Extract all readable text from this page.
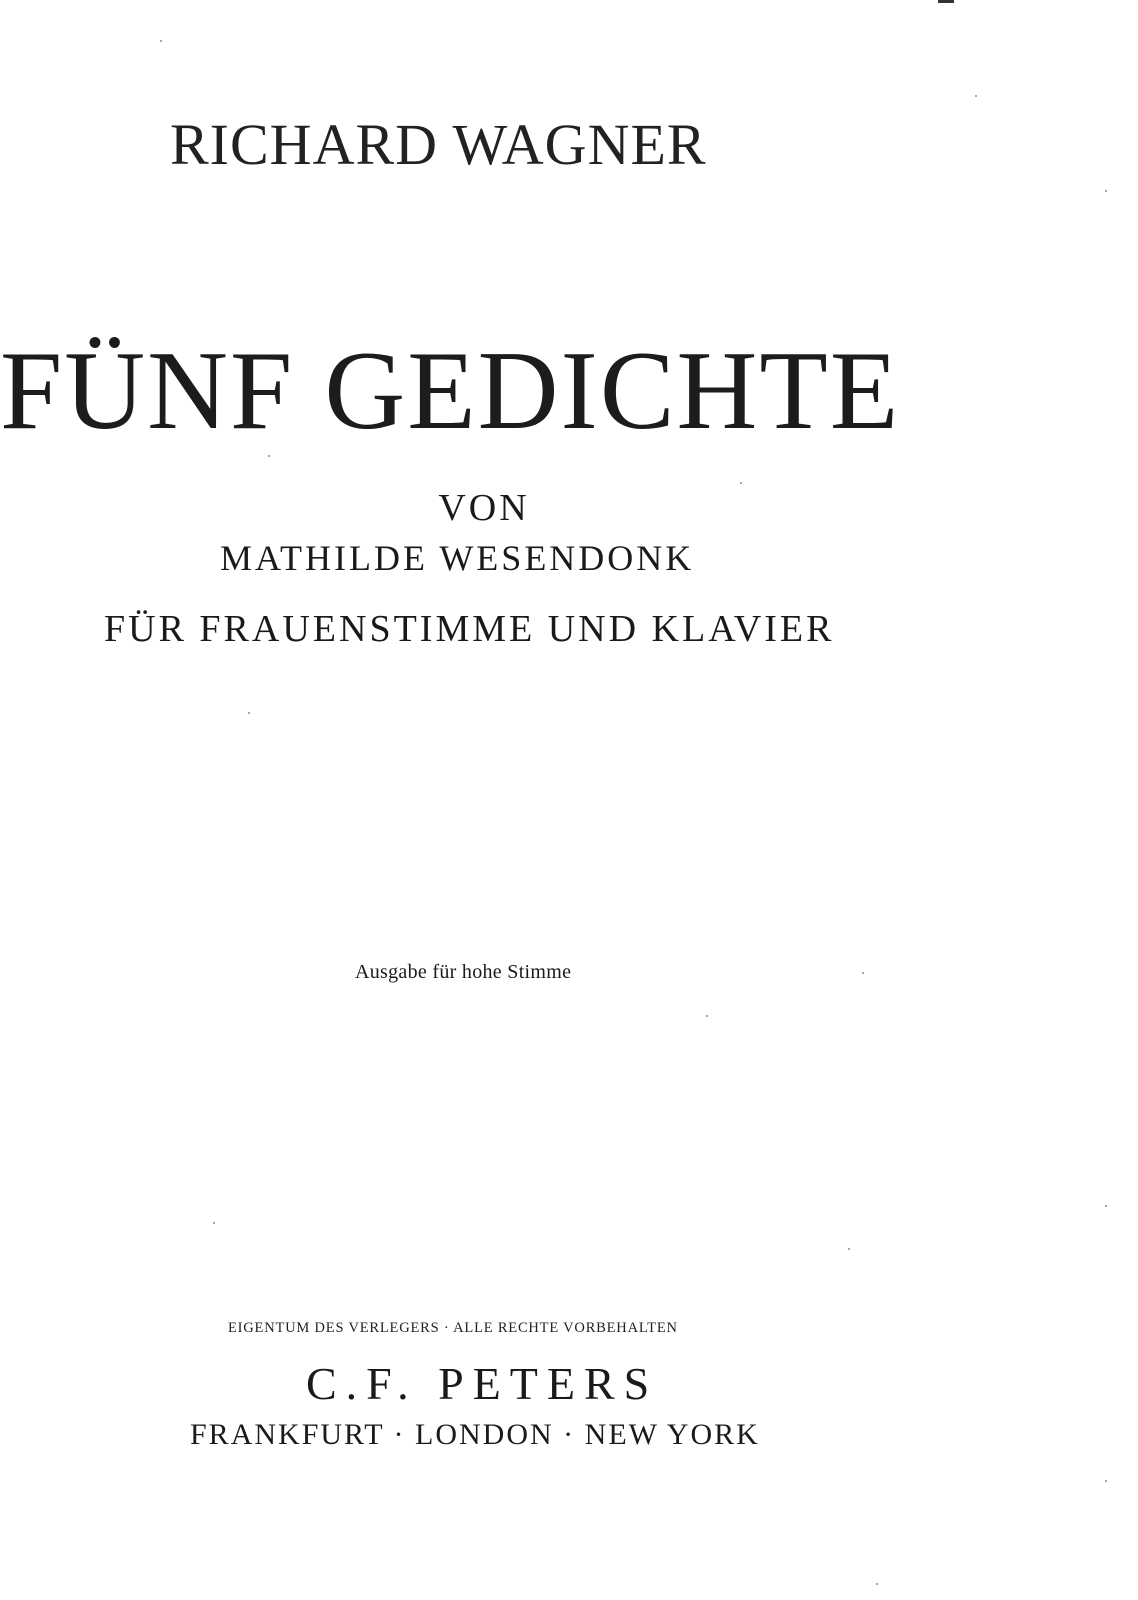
RICHARD WAGNER
FÜNF GEDICHTE
VON
MATHILDE WESENDONK
FÜR FRAUENSTIMME UND KLAVIER
Ausgabe für hohe Stimme
EIGENTUM DES VERLEGERS · ALLE RECHTE VORBEHALTEN
C.F. PETERS
FRANKFURT · LONDON · NEW YORK
